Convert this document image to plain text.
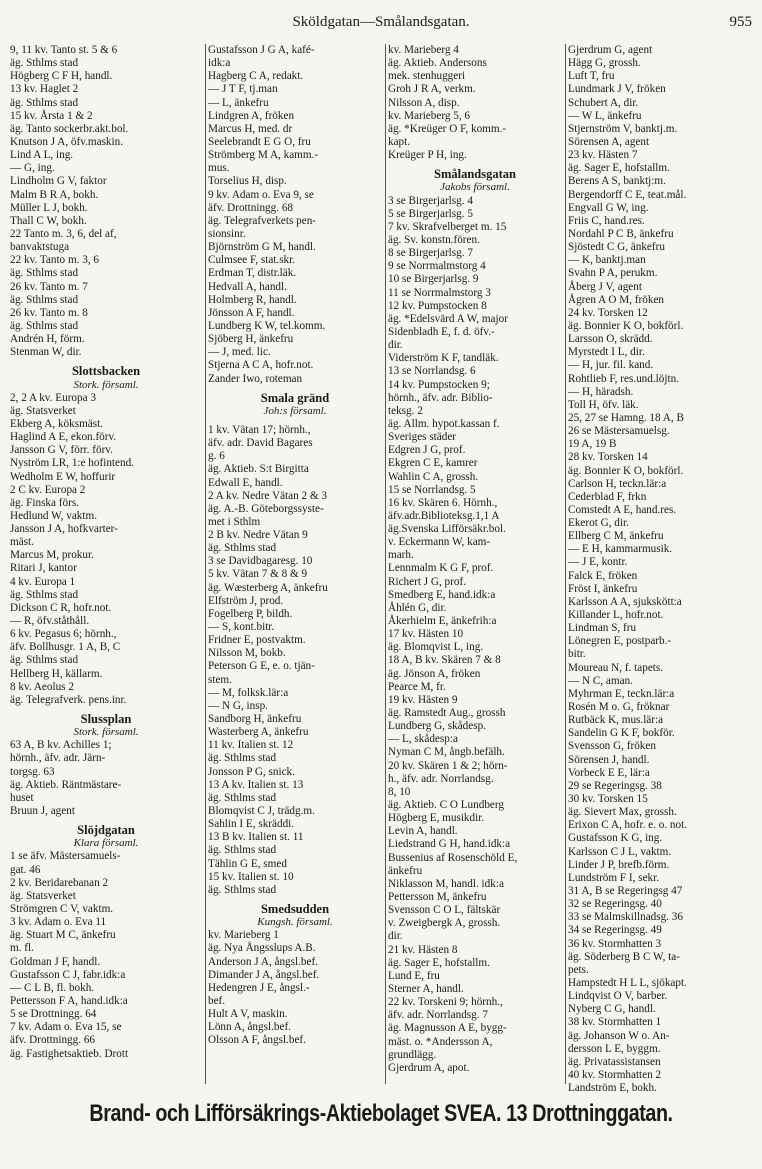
Sköldgatan—Smålandsgatan.	955
9, 11 kv. Tanto st. 5 & 6
äg. Sthlms stad
Högberg C F H, handl.
13 kv. Haglet 2
äg. Sthlms stad
15 kv. Årsta 1 & 2
äg. Tanto sockerbr.akt.bol.
Knutson J A, öfv.maskin.
Lind A L, ing.
— G, ing.
Lindholm G V, faktor
Malm B R A, bokh.
Müller L J, bokh.
Thall C W, bokh.
22 Tanto m. 3, 6, del af,
banvaktstuga
22 kv. Tanto m. 3, 6
äg. Sthlms stad
26 kv. Tanto m. 7
äg. Sthlms stad
26 kv. Tanto m. 8
äg. Sthlms stad
Andrén H, förm.
Stenman W, dir.
Slottsbacken
Stork. församl.
2, 2 A kv. Europa 3
äg. Statsverket
Ekberg A, köksmäst.
Haglind A E, ekon.förv.
Jansson G V, förr. förv.
Nyström LR, 1:e hofintend.
Wedholm E W, hoffurir
2 C kv. Europa 2
äg. Finska förs.
Hedlund W, vaktm.
Jansson J A, hofkvarter-
mäst.
Marcus M, prokur.
Ritari J, kantor
4 kv. Europa 1
äg. Sthlms stad
Dickson C R, hofr.not.
— R, öfv.ståthåll.
6 kv. Pegasus 6; hörnh.,
äfv. Bollhusgr. 1 A, B, C
äg. Sthlms stad
Hellberg H, källarm.
8 kv. Aeolus 2
äg. Telegrafverk. pens.inr.
Slussplan
Stork. församl.
63 A, B kv. Achilles 1;
hörnh., äfv. adr. Järn-
torgsg. 63
äg. Aktieb. Räntmästare-
huset
Bruun J, agent
Slöjdgatan
Klara församl.
1 se äfv. Mästersamuels-
gat. 46
2 kv. Beridarebanan 2
äg. Statsverket
Strömgren C V, vaktm.
3 kv. Adam o. Eva 11
äg. Stuart M C, änkefru
m. fl.
Goldman J F, handl.
Gustafsson C J, fabr.idk:a
— C L B, fl. bokh.
Pettersson F A, hand.idk:a
5 se Drottningg. 64
7 kv. Adam o. Eva 15, se
äfv. Drottningg. 66
äg. Fastighetsaktieb. Drott
Gustafsson J G A, kafé-
idk:a
Hagberg C A, redakt.
— J T F, tj.man
— L, änkefru
Lindgren A, fröken
Marcus H, med. dr
Seelebrandt E G O, fru
Strömberg M A, kamm.-
mus.
Torselius H, disp.
9 kv. Adam o. Eva 9, se
äfv. Drottningg. 68
äg. Telegrafverkets pen-
sionsinr.
Björnström G M, handl.
Culmsee F, stat.skr.
Erdman T, distr.läk.
Hedvall A, handl.
Holmberg R, handl.
Jönsson A F, handl.
Lundberg K W, tel.komm.
Sjöberg H, änkefru
— J, med. lic.
Stjerna A C A, hofr.not.
Zander Iwo, roteman
Smala gränd
Joh:s församl.
1 kv. Vätan 17; hörnh.,
äfv. adr. David Bagares
g. 6
äg. Aktieb. S:t Birgitta
Edwall E, handl.
2 A kv. Nedre Vätan 2 & 3
äg. A.-B. Göteborgssyste-
met i Sthlm
2 B kv. Nedre Vätan 9
äg. Sthlms stad
3 se Davidbagaresg. 10
5 kv. Vätan 7 & 8 & 9
äg. Wæsterberg A, änkefru
Elfström J, prod.
Fogelberg P, bildh.
— S, kont.bitr.
Fridner E, postvaktm.
Nilsson M, bokb.
Peterson G E, e. o. tjän-
stem.
— M, folksk.lär:a
— N G, insp.
Sandborg H, änkefru
Wasterberg A, änkefru
11 kv. Italien st. 12
äg. Sthlms stad
Jonsson P G, snick.
13 A kv. Italien st. 13
äg. Sthlms stad
Blomqvist C J, trädg.m.
Sahlin I E, skräddi.
13 B kv. Italien st. 11
äg. Sthlms stad
Tählin G E, smed
15 kv. Italien st. 10
äg. Sthlms stad
Smedsudden
Kungsh. församl.
kv. Marieberg 1
äg. Nya Ångsslups A.B.
Anderson J A, ångsl.bef.
Dimander J A, ångsl.bef.
Hedengren J E, ångsl.-
bef.
Hult A V, maskin.
Lönn A, ångsl.bef.
Olsson A F, ångsl.bef.
kv. Marieberg 4
äg. Aktieb. Andersons
mek. stenhuggeri
Groh J R A, verkm.
Nilsson A, disp.
kv. Marieberg 5, 6
äg. *Kreüger O F, komm.-
kapt.
Kreüger P H, ing.
Smålandsgatan
Jakobs församl.
3 se Birgerjarlsg. 4
5 se Birgerjarlsg. 5
7 kv. Skrafvelberget m. 15
äg. Sv. konstn.fören.
8 se Birgerjarlsg. 7
9 se Norrmalmstorg 4
10 se Birgerjarlsg. 9
11 se Norrmalmstorg 3
12 kv. Pumpstocken 8
äg. *Edelsvärd A W, major
Sidenbladh E, f. d. öfv.-
dir.
Viderström K F, tandläk.
13 se Norrlandsg. 6
14 kv. Pumpstocken 9;
hörnh., äfv. adr. Biblio-
teksg. 2
äg. Allm. hypot.kassan f.
Sveriges städer
Edgren J G, prof.
Ekgren C E, kamrer
Wahlin C A, grossh.
15 se Norrlandsg. 5
16 kv. Skären 6. Hörnh.,
äfv.adr.Biblioteksg.1,1 A
äg.Svenska Lifförsäkr.bol.
v. Eckermann W, kam-
marh.
Lennmalm K G F, prof.
Richert J G, prof.
Smedberg E, hand.idk:a
Åhlén G, dir.
Åkerhielm E, änkefrih:a
17 kv. Hästen 10
äg. Blomqvist L, ing.
18 A, B kv. Skären 7 & 8
äg. Jönson A, fröken
Pearce M, fr.
19 kv. Hästen 9
äg. Ramstedt Aug., grossh
Lundberg G, skådesp.
— L, skådesp:a
Nyman C M, ångb.befälh.
20 kv. Skären 1 & 2; hörn-
h., äfv. adr. Norrlandsg.
8, 10
äg. Aktieb. C O Lundberg
Högberg E, musikdir.
Levin A, handl.
Liedstrand G H, hand.idk:a
Bussenius af Rosenschöld E,
änkefru
Niklasson M, handl. idk:a
Pettersson M, änkefru
Svensson C O L, fältskär
v. Zweigbergk A, grossh.
dir.
21 kv. Hästen 8
äg. Sager E, hofstallm.
Lund E, fru
Sterner A, handl.
22 kv. Torskeni 9; hörnh.,
äfv. adr. Norrlandsg. 7
äg. Magnusson A E, bygg-
mäst. o. *Andersson A,
grundlägg.
Gjerdrum A, apot.
Gjerdrum G, agent
Hägg G, grossh.
Luft T, fru
Lundmark J V, fröken
Schubert A, dir.
— W L, änkefru
Stjernström V, banktj.m.
Sörensen A, agent
23 kv. Hästen 7
äg. Sager E, hofstallm.
Berens A S, banktj:m.
Bergendorff C E, teat.mål.
Engvall G W, ing.
Friis C, hand.res.
Nordahl P C B, änkefru
Sjöstedt C G, änkefru
— K, banktj.man
Svahn P A, perukm.
Åberg J V, agent
Ågren A O M, fröken
24 kv. Torsken 12
äg. Bonnier K O, bokförl.
Larsson O, skrädd.
Myrstedt I L, dir.
— H, jur. fil. kand.
Rohtlieb F, res.und.löjtn.
— H, häradsh.
Toll H, öfv. läk.
25, 27 se Hamng. 18 A, B
26 se Mästersamuelsg.
19 A, 19 B
28 kv. Torsken 14
äg. Bonnier K O, bokförl.
Carlson H, teckn.lär:a
Cederblad F, frkn
Comstedt A E, hand.res.
Ekerot G, dir.
Ellberg C M, änkefru
— E H, kammarmusik.
— J E, kontr.
Falck E, fröken
Fröst I, änkefru
Karlsson A A, sjukskött:a
Killander L, hofr.not.
Lindman S, fru
Lönegren E, postparb.-
bitr.
Moureau N, f. tapets.
— N C, aman.
Myhrman E, teckn.lär:a
Rosén M o. G, fröknar
Rutbäck K, mus.lär:a
Sandelin G K F, bokför.
Svensson G, fröken
Sörensen J, handl.
Vorbeck E E, lär:a
29 se Regeringsg. 38
30 kv. Torsken 15
äg. Sievert Max, grossh.
Erixon C A, hofr. e. o. not.
Gustafsson K G, ing.
Karlsson C J L, vaktm.
Linder J P, brefb.förm.
Lundström F I, sekr.
31 A, B se Regeringsg 47
32 se Regeringsg. 40
33 se Malmskillnadsg. 36
34 se Regeringsg. 49
36 kv. Stormhatten 3
äg. Söderberg B C W, ta-
pets.
Hampstedt H L L, sjökapt.
Lindqvist O V, barber.
Nyberg C G, handl.
38 kv. Stormhatten 1
äg. Johanson W o. An-
dersson L E, byggm.
äg. Privatassistansen
40 kv. Stormhatten 2
Landström E, bokh.
Brand- och Lifförsäkrings-Aktiebolaget SVEA. 13 Drottninggatan.
